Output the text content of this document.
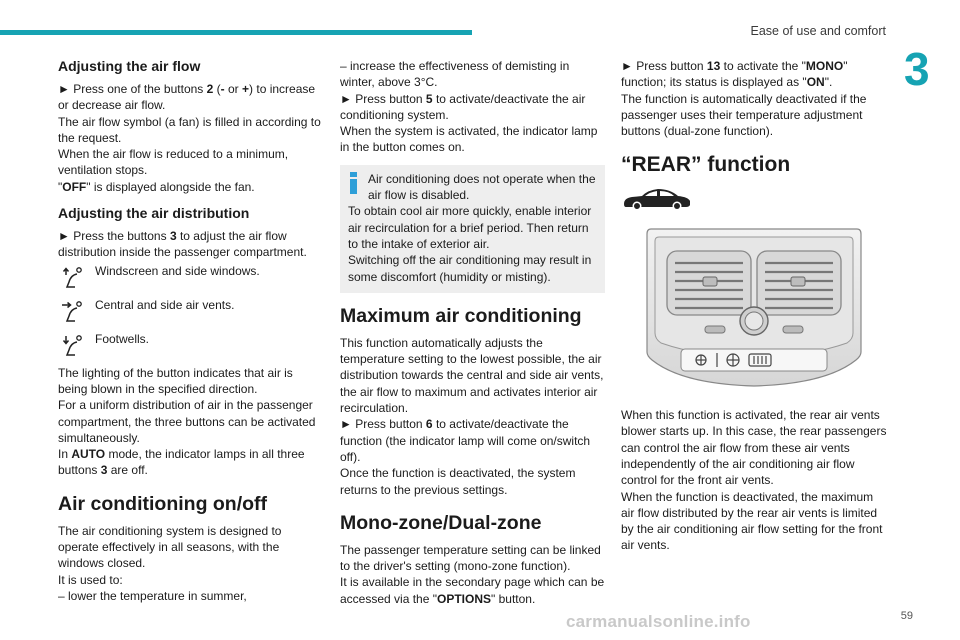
Ease of use and comfort
3
Adjusting the air flow

► Press one of the buttons 2 (- or +) to increase or decrease air flow.

The air flow symbol (a fan) is filled in according to the request.

When the air flow is reduced to a minimum, ventilation stops.

"OFF" is displayed alongside the fan.

Adjusting the air distribution

► Press the buttons 3 to adjust the air flow distribution inside the passenger compartment.

Windscreen and side windows.
Central and side air vents.
Footwells.

The lighting of the button indicates that air is being blown in the specified direction.

For a uniform distribution of air in the passenger compartment, the three buttons can be activated simultaneously.

In AUTO mode, the indicator lamps in all three buttons 3 are off.

Air conditioning on/off

The air conditioning system is designed to operate effectively in all seasons, with the windows closed.

It is used to:

– lower the temperature in summer,

– increase the effectiveness of demisting in winter, above 3°C.

► Press button 5 to activate/deactivate the air conditioning system.

When the system is activated, the indicator lamp in the button comes on.

Air conditioning does not operate when the air flow is disabled.

To obtain cool air more quickly, enable interior air recirculation for a brief period. Then return to the intake of exterior air.

Switching off the air conditioning may result in some discomfort (humidity or misting).

Maximum air conditioning

This function automatically adjusts the temperature setting to the lowest possible, the air distribution towards the central and side air vents, the air flow to maximum and activates interior air recirculation.

► Press button 6 to activate/deactivate the function (the indicator lamp will come on/switch off).

Once the function is deactivated, the system returns to the previous settings.

Mono-zone/Dual-zone

The passenger temperature setting can be linked to the driver's setting (mono-zone function).

It is available in the secondary page which can be accessed via the "OPTIONS" button.

► Press button 13 to activate the "MONO" function; its status is displayed as "ON".

The function is automatically deactivated if the passenger uses their temperature adjustment buttons (dual-zone function).

“REAR” function

When this function is activated, the rear air vents blower starts up. In this case, the rear passengers can control the air flow from these air vents independently of the air conditioning air flow control for the front air vents.

When the function is deactivated, the maximum air flow distributed by the rear air vents is limited by the air conditioning air flow setting for the front air vents.

carmanualsonline.info	59
